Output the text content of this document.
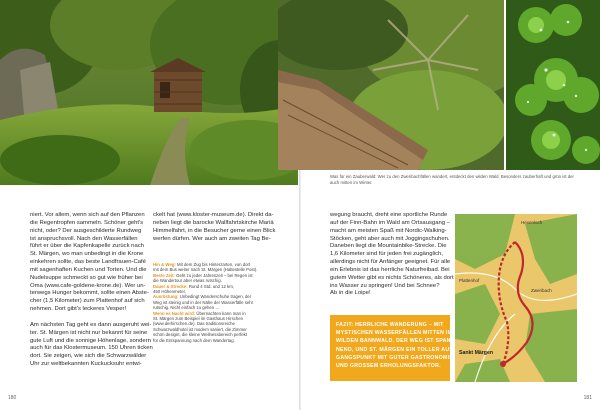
Was für ein Zauberwald: Wer zu den Zweribachfällen wandert, entdeckt den wilden Wald. Besonders zauberhaft und grün ist der auch mitten im Winter.
niert. Vor allem, wenn sich auf den Pflanzen
die Regentropfen sammeln. Schöner geht's
nicht, oder? Der ausgeschilderte Rundweg
ist anspruchsvoll. Nach den Wasserfällen
führt er über die Kapfenkapelle zurück nach
St. Märgen, wo man unbedingt in die Krone
einkehren sollte, das beste Landfrauen-Café
mit sagenhaften Kuchen und Torten. Und die
Nudelsuppe schmeckt so gut wie früher bei
Oma (www.cafe-goldene-krone.de). Wer un-
terwegs Hunger bekommt, sollte einen Abste-
cher (1,5 Kilometer) zum Plattenhof auf sich
nehmen. Dort gibt's leckeres Vesper!

Am nächsten Tag geht es dann ausgeruht wei-
ter. St. Märgen ist nicht nur bekannt für seine
gute Luft und die sonnige Höhenlage, sondern
auch für das Klostermuseum. 150 Uhren ticken
dort. Sie zeigen, wie sich die Schwarzwälder
Uhr zur weltbekannten Kuckucksuhr entwi-
ckelt hat (www.kloster-museum.de). Direkt da-
neben liegt die barocke Wallfahrtskirche Mariä
Himmelfahrt, in die Besucher gerne einen Blick
werfen dürfen. Wer auch am zweiten Tag Be-
Hin & Weg: Mit dem Zug bis Hinterzarten, von dort
mit dem Bus weiter nach St. Märgen (Haltestelle Post).
Beste Zeit: Geht zu jeder Jahreszeit – bei Regen ist
die Wandertour aber etwas rutschig.
Dauer & Strecke: Rund 4 Std. und 12 km,
450 Höhenmeter.
Ausrüstung: Unbedingt Wanderschuhe tragen, der
Weg ist steinig und in der Nähe der Wasserfälle sehr
rutschig. Nicht einfach zu gehen …
Wenn es Nacht wird: Übernachten kann man in
St. Märgen zum Beispiel im Gasthaus Hirschen
(www.derhirschen.de). Das traditionsreiche
Schwarzwaldhotel ist modern saniert, die Zimmer
schön designt, die kleine Wellnessbereich perfekt
für die Entspannung nach dem Wandertag.
wegung braucht, dreht eine sportliche Runde
auf der Finn-Bahn im Wald am Ortsausgang –
macht am meisten Spaß mit Nordic-Walking-
Stöcken, geht aber auch mit Joggingschuhen.
Daneben liegt die Mountainbike-Strecke. Die
1,6 Kilometer sind für jeden frei zugänglich,
allerdings nicht für Anfänger geeignet. Für alle
ein Erlebnis ist das herrliche Naturfreibad. Bei
gutem Wetter gibt es nichts Schöneres, als dort
ins Wasser zu springen! Und bei Schnee?
Ab in die Loipe!
FAZIT: HERRLICHE WANDERUNG – MIT
MYSTISCHEN WASSERFÄLLEN MITTEN IM
WILDEN BANNWALD. DER WEG IST SPAN-
NEND, UND ST. MÄRGEN EIN TOLLER AUS-
GANGSPUNKT MIT GUTER GASTRONOMIE
UND GROSSEM ERHOLUNGSFAKTOR.
Hexenloch
Plattenhof
Zweribach
Sankt Märgen
180	181
